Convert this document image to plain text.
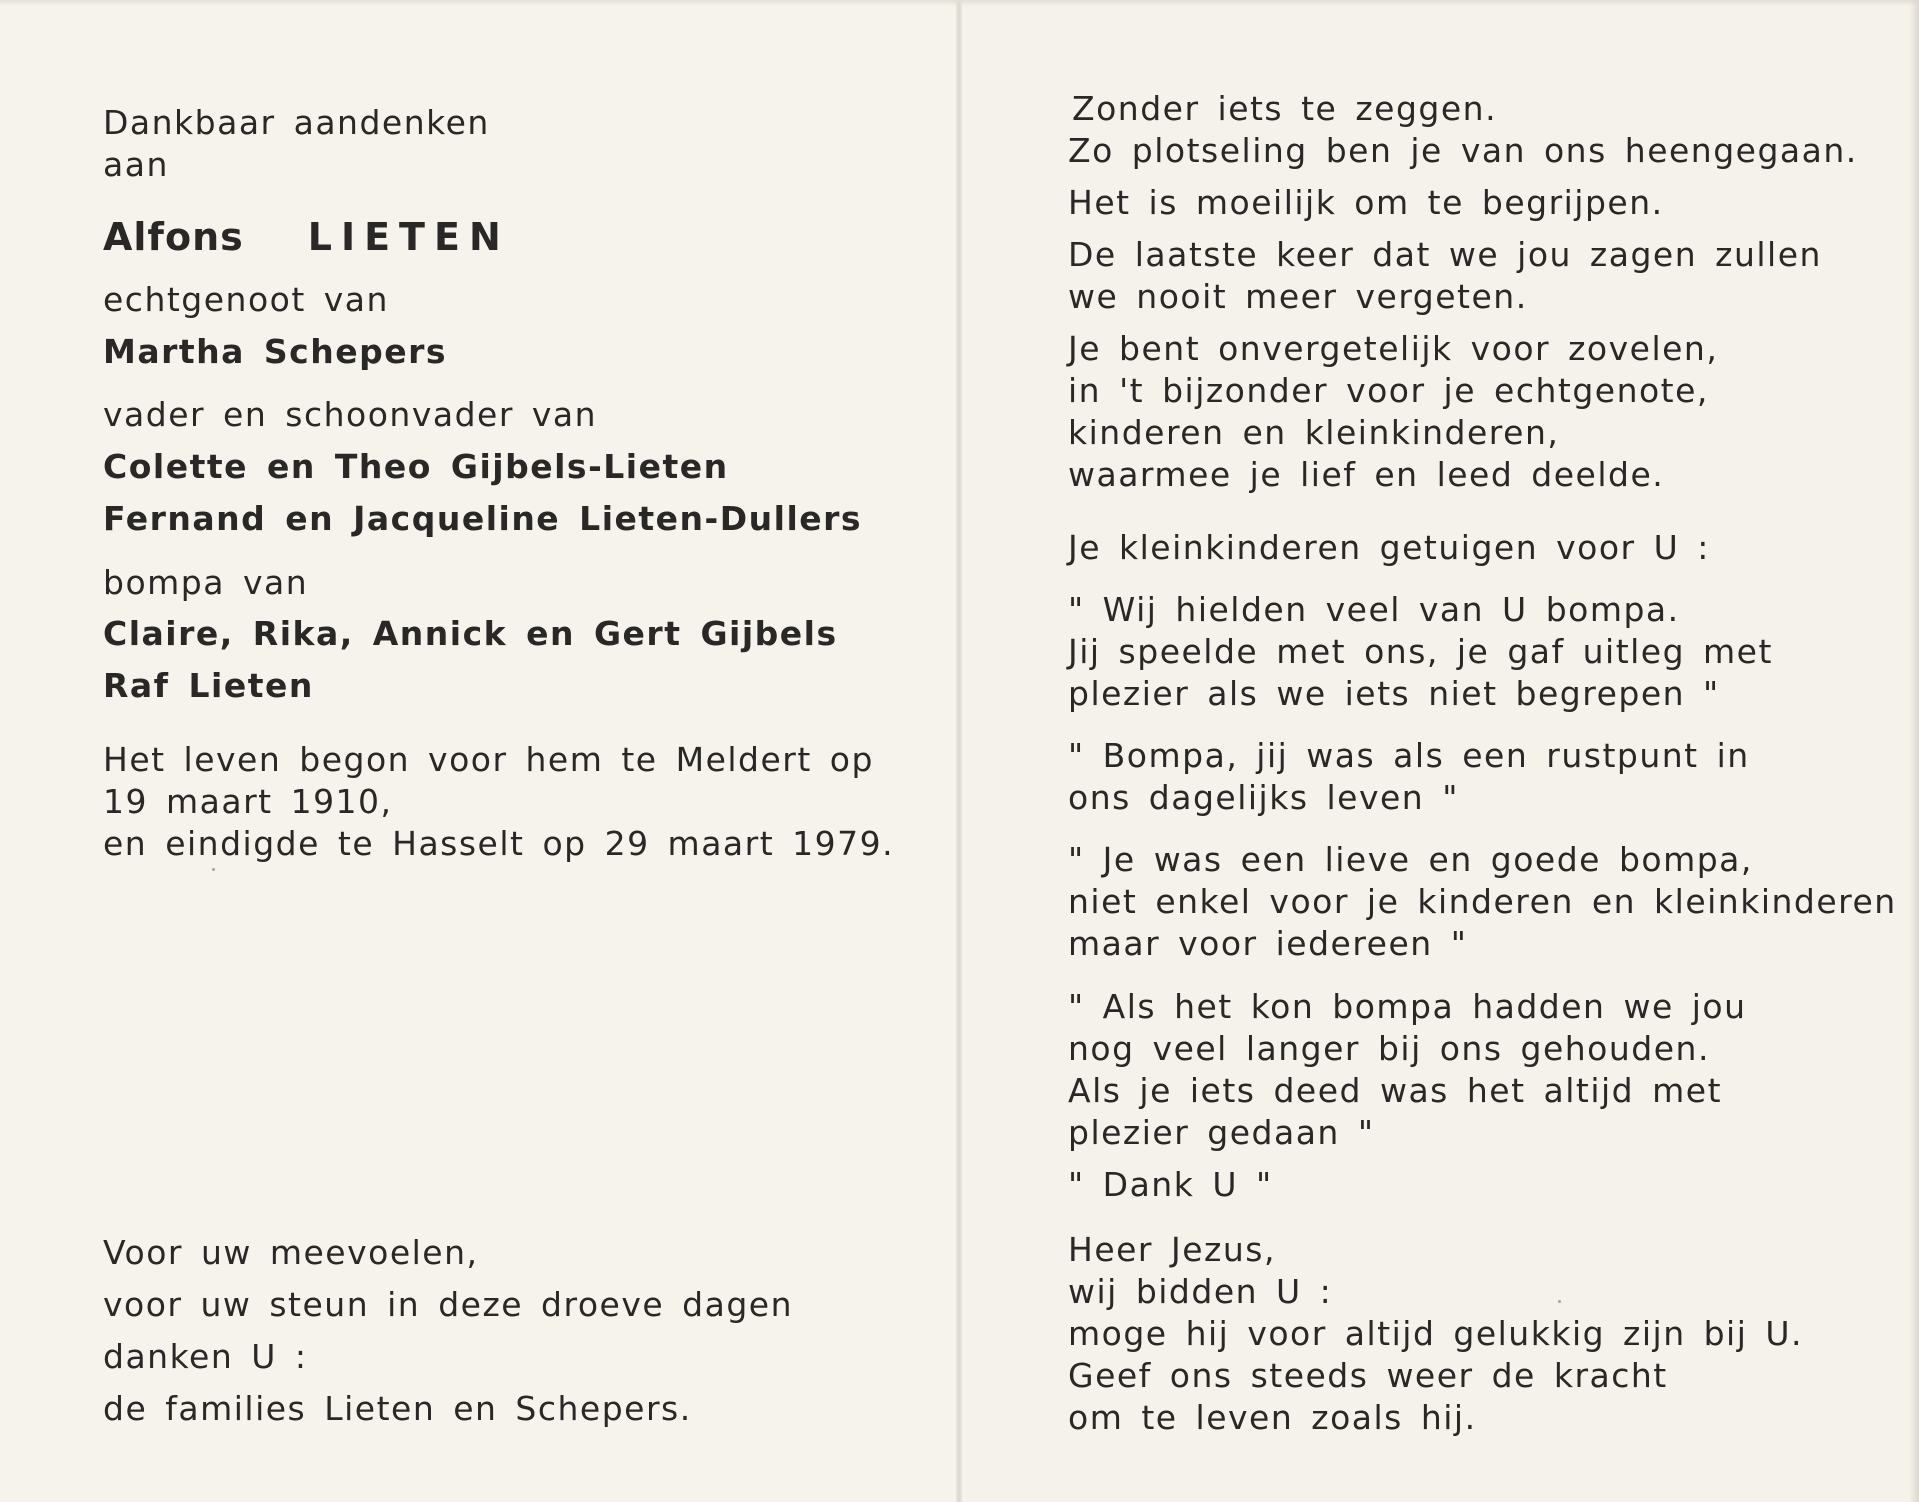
Dankbaar aandenken
aan
Alfons LIETEN
echtgenoot van
Martha Schepers
vader en schoonvader van
Colette en Theo Gijbels-Lieten
Fernand en Jacqueline Lieten-Dullers
bompa van
Claire, Rika, Annick en Gert Gijbels
Raf Lieten
Het leven begon voor hem te Meldert op
19 maart 1910,
en eindigde te Hasselt op 29 maart 1979.
Voor uw meevoelen,
voor uw steun in deze droeve dagen
danken U :
de families Lieten en Schepers.
Zonder iets te zeggen.
Zo plotseling ben je van ons heengegaan.
Het is moeilijk om te begrijpen.
De laatste keer dat we jou zagen zullen
we nooit meer vergeten.
Je bent onvergetelijk voor zovelen,
in 't bijzonder voor je echtgenote,
kinderen en kleinkinderen,
waarmee je lief en leed deelde.
Je kleinkinderen getuigen voor U :
" Wij hielden veel van U bompa.
Jij speelde met ons, je gaf uitleg met
plezier als we iets niet begrepen "
" Bompa, jij was als een rustpunt in
ons dagelijks leven "
" Je was een lieve en goede bompa,
niet enkel voor je kinderen en kleinkinderen
maar voor iedereen "
" Als het kon bompa hadden we jou
nog veel langer bij ons gehouden.
Als je iets deed was het altijd met
plezier gedaan "
" Dank U "
Heer Jezus,
wij bidden U :
moge hij voor altijd gelukkig zijn bij U.
Geef ons steeds weer de kracht
om te leven zoals hij.
